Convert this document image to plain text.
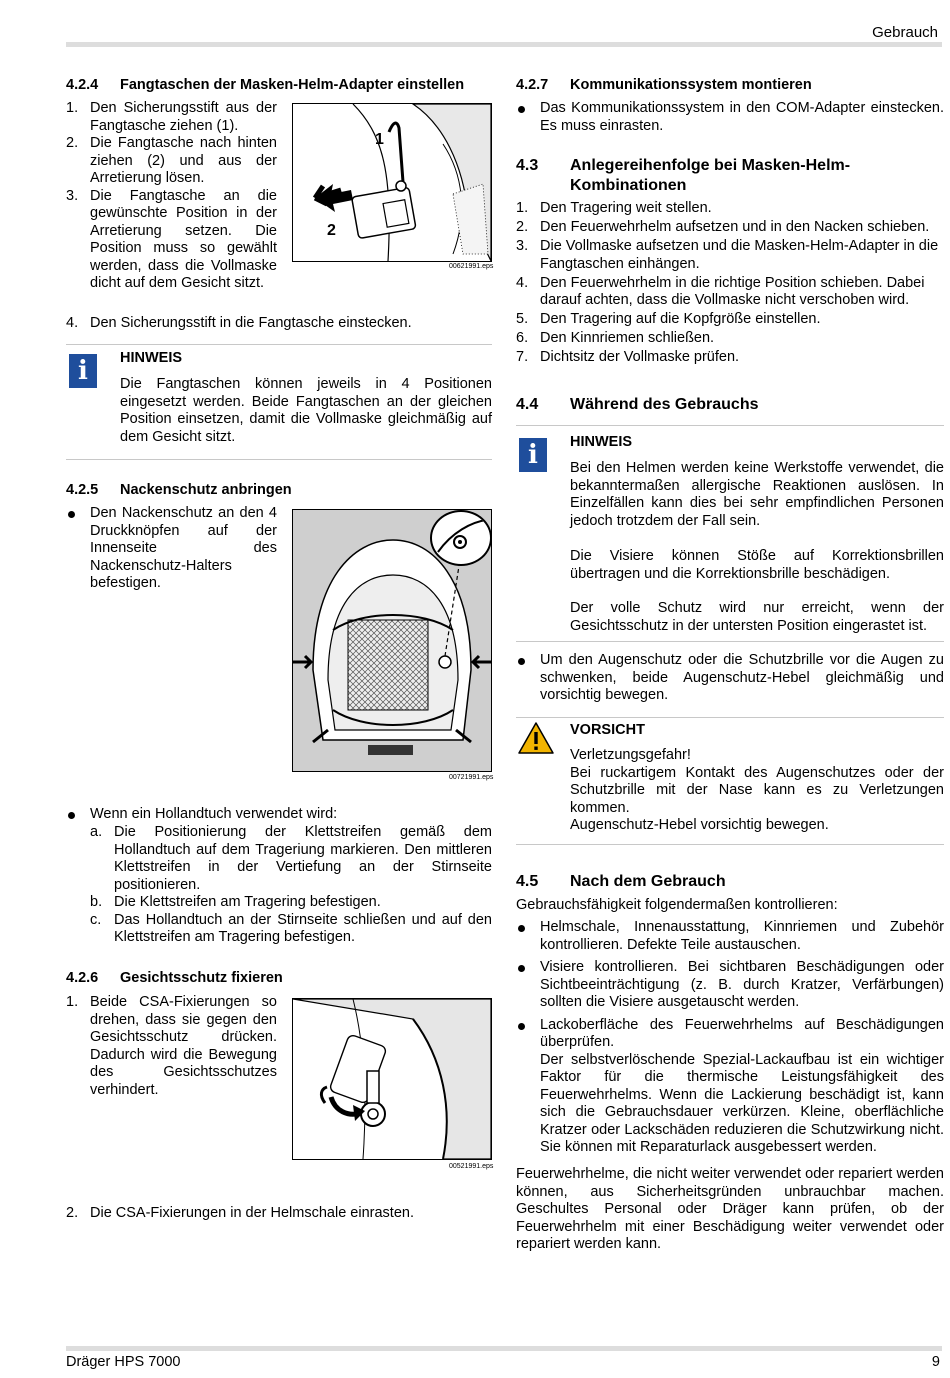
Gebrauch
Dräger HPS 7000	9
4.2.4 Fangtaschen der Masken-Helm-Adapter einstellen
1. Den Sicherungsstift aus der Fangtasche ziehen (1).
2. Die Fangtasche nach hinten ziehen (2) und aus der Arretierung lösen.
3. Die Fangtasche an die gewünschte Position in der Arretierung setzen. Die Position muss so gewählt werden, dass die Vollmaske dicht auf dem Gesicht sitzt.
4. Den Sicherungsstift in die Fangtasche einstecken.
1
2
00621991.eps
i	HINWEIS
Die Fangtaschen können jeweils in 4 Positionen eingesetzt werden. Beide Fangtaschen an der gleichen Position einsetzen, damit die Vollmaske gleichmäßig auf dem Gesicht sitzt.
4.2.5 Nackenschutz anbringen
Den Nackenschutz an den 4 Druckknöpfen auf der Innenseite des Nackenschutz-Halters befestigen.
00721991.eps
Wenn ein Hollandtuch verwendet wird:
a. Die Positionierung der Klettstreifen gemäß dem Hollandtuch auf dem Trageriung markieren. Den mittleren Klettstreifen in der Vertiefung an der Stirnseite positionieren.
b. Die Klettstreifen am Tragering befestigen.
c. Das Hollandtuch an der Stirnseite schließen und auf den Klettstreifen am Tragering befestigen.
4.2.6 Gesichtsschutz fixieren
1. Beide CSA-Fixierungen so drehen, dass sie gegen den Gesichtsschutz drücken. Dadurch wird die Bewegung des Gesichtsschutzes verhindert.
00521991.eps
2. Die CSA-Fixierungen in der Helmschale einrasten.
4.2.7 Kommunikationssystem montieren
Das Kommunikationssystem in den COM-Adapter einstecken. Es muss einrasten.
4.3 Anlegereihenfolge bei Masken-Helm-
Kombinationen
1. Den Tragering weit stellen.
2. Den Feuerwehrhelm aufsetzen und in den Nacken schieben.
3. Die Vollmaske aufsetzen und die Masken-Helm-Adapter in die Fangtaschen einhängen.
4. Den Feuerwehrhelm in die richtige Position schieben. Dabei darauf achten, dass die Vollmaske nicht verschoben wird.
5. Den Tragering auf die Kopfgröße einstellen.
6. Den Kinnriemen schließen.
7. Dichtsitz der Vollmaske prüfen.
4.4 Während des Gebrauchs
i	HINWEIS
Bei den Helmen werden keine Werkstoffe verwendet, die bekanntermaßen allergische Reaktionen auslösen. In Einzelfällen kann dies bei sehr empfindlichen Personen jedoch trotzdem der Fall sein.
Die Visiere können Stöße auf Korrektionsbrillen übertragen und die Korrektionsbrille beschädigen.
Der volle Schutz wird nur erreicht, wenn der Gesichtsschutz in der untersten Position eingerastet ist.
Um den Augenschutz oder die Schutzbrille vor die Augen zu schwenken, beide Augenschutz-Hebel gleichmäßig und vorsichtig bewegen.
VORSICHT
Verletzungsgefahr!
Bei ruckartigem Kontakt des Augenschutzes oder der Schutzbrille mit der Nase kann es zu Verletzungen kommen.
Augenschutz-Hebel vorsichtig bewegen.
4.5 Nach dem Gebrauch
Gebrauchsfähigkeit folgendermaßen kontrollieren:
Helmschale, Innenausstattung, Kinnriemen und Zubehör kontrollieren. Defekte Teile austauschen.
Visiere kontrollieren. Bei sichtbaren Beschädigungen oder Sichtbeeinträchtigung (z. B. durch Kratzer, Verfärbungen) sollten die Visiere ausgetauscht werden.
Lackoberfläche des Feuerwehrhelms auf Beschädigungen überprüfen.
Der selbstverlöschende Spezial-Lackaufbau ist ein wichtiger Faktor für die thermische Leistungsfähigkeit des Feuerwehrhelms. Wenn die Lackierung beschädigt ist, kann sich die Gebrauchsdauer verkürzen. Kleine, oberflächliche Kratzer oder Lackschäden reduzieren die Schutzwirkung nicht. Sie können mit Reparaturlack ausgebessert werden.
Feuerwehrhelme, die nicht weiter verwendet oder repariert werden können, aus Sicherheitsgründen unbrauchbar machen. Geschultes Personal oder Dräger kann prüfen, ob der Feuerwehrhelm mit einer Beschädigung weiter verwendet oder repariert werden kann.
